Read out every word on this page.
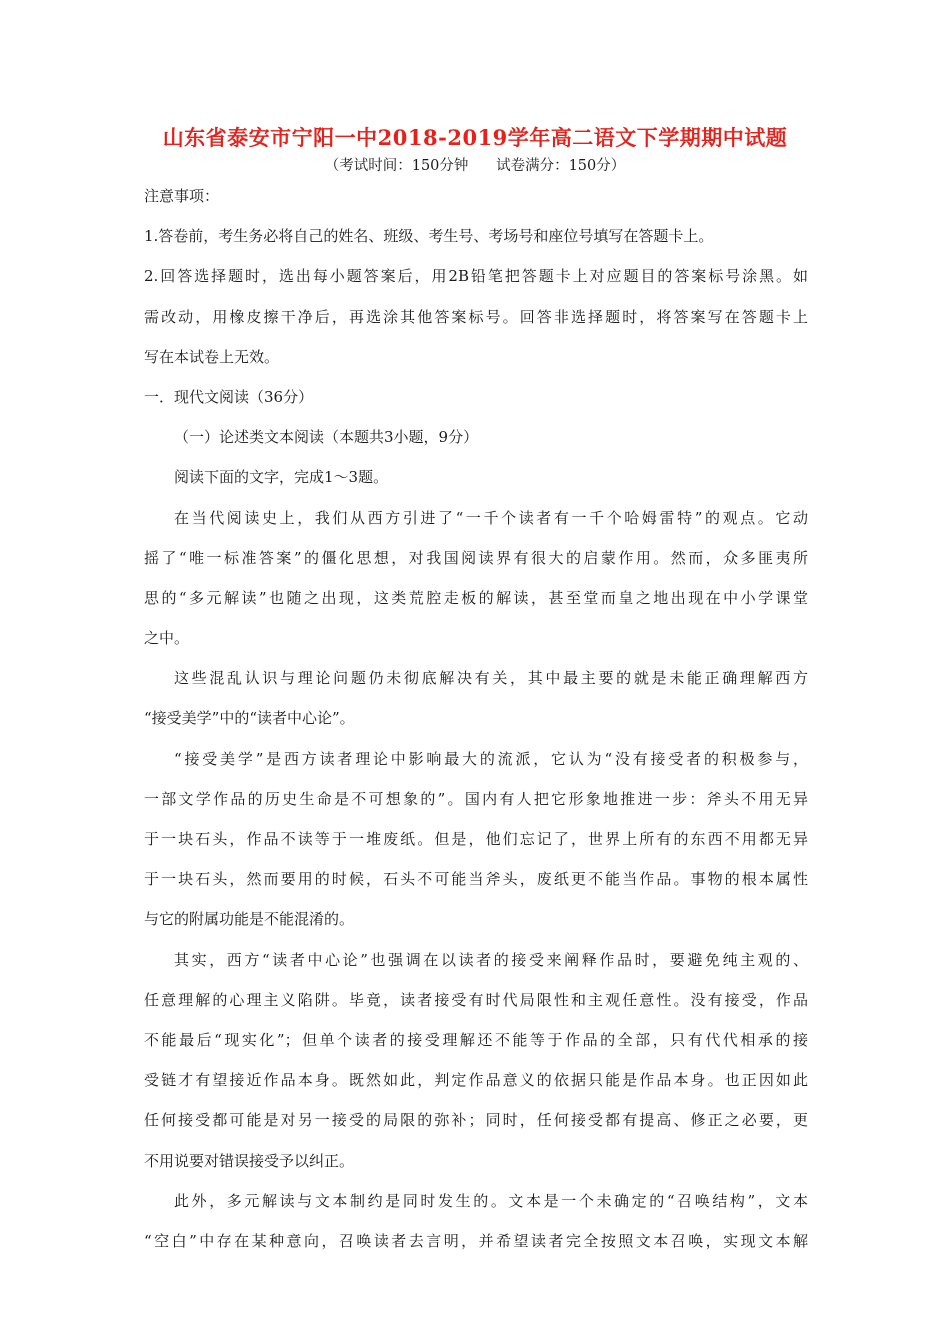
山东省泰安市宁阳一中2018-2019学年高二语文下学期期中试题
（考试时间：150分钟      试卷满分：150分）
注意事项：
1.答卷前，考生务必将自己的姓名、班级、考生号、考场号和座位号填写在答题卡上。
2.回答选择题时，选出每小题答案后，用2B铅笔把答题卡上对应题目的答案标号涂黑。如
需改动，用橡皮擦干净后，再选涂其他答案标号。回答非选择题时，将答案写在答题卡上
写在本试卷上无效。
一．现代文阅读（36分）
（一）论述类文本阅读（本题共3小题，9分）
阅读下面的文字，完成1～3题。
在当代阅读史上，我们从西方引进了“一千个读者有一千个哈姆雷特”的观点。它动
摇了“唯一标准答案”的僵化思想，对我国阅读界有很大的启蒙作用。然而，众多匪夷所
思的“多元解读”也随之出现，这类荒腔走板的解读，甚至堂而皇之地出现在中小学课堂
之中。
这些混乱认识与理论问题仍未彻底解决有关，其中最主要的就是未能正确理解西方
“接受美学”中的“读者中心论”。
“接受美学”是西方读者理论中影响最大的流派，它认为“没有接受者的积极参与，
一部文学作品的历史生命是不可想象的”。国内有人把它形象地推进一步：斧头不用无异
于一块石头，作品不读等于一堆废纸。但是，他们忘记了，世界上所有的东西不用都无异
于一块石头，然而要用的时候，石头不可能当斧头，废纸更不能当作品。事物的根本属性
与它的附属功能是不能混淆的。
其实，西方“读者中心论”也强调在以读者的接受来阐释作品时，要避免纯主观的、
任意理解的心理主义陷阱。毕竟，读者接受有时代局限性和主观任意性。没有接受，作品
不能最后“现实化”；但单个读者的接受理解还不能等于作品的全部，只有代代相承的接
受链才有望接近作品本身。既然如此，判定作品意义的依据只能是作品本身。也正因如此
任何接受都可能是对另一接受的局限的弥补；同时，任何接受都有提高、修正之必要，更
不用说要对错误接受予以纠正。
此外，多元解读与文本制约是同时发生的。文本是一个未确定的“召唤结构”，文本
“空白”中存在某种意向，召唤读者去言明，并希望读者完全按照文本召唤，实现文本解
